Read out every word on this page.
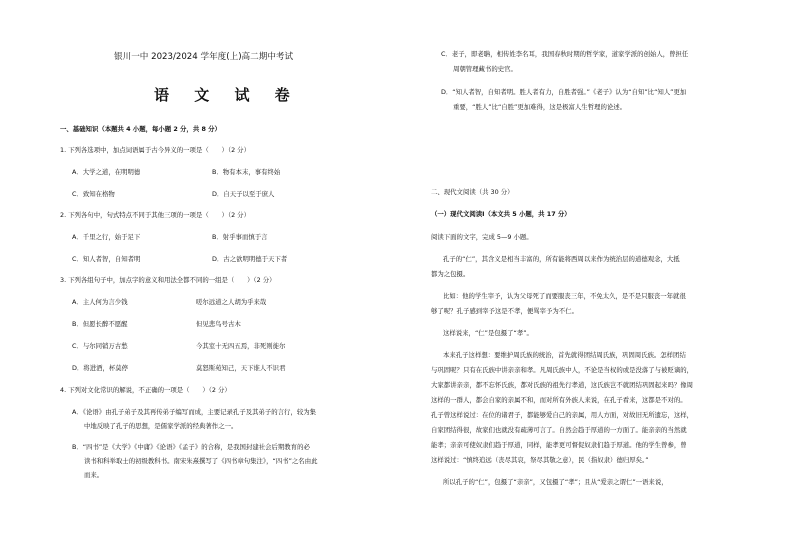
银川一中 2023/2024 学年度(上)高二期中考试
语 文 试 卷
一、基础知识（本题共 4 小题，每小题 2 分，共 8 分）
1. 下列各选项中，加点词语属于古今异义的一项是（　　）（2 分）
A．大学之道，在明明德	B．物有本末，事有终始
C．致知在格物	D．自天子以至于庶人
2. 下列各句中，句式特点不同于其他三项的一项是（　　）（2 分）
A．千里之行，始于足下	B．射乎事而慎于言
C．知人者智，自知者明	D．古之欲明明德于天下者
3. 下列各组句子中，加点字的意义和用法全都不同的一组是（　　）（2 分）
A．主人何为言少钱	嗟尔远道之人胡为乎来哉
B．但愿长醉不愿醒	但见悲鸟号古木
C．与尔同销万古愁	今其室十无四五焉，非死则徙尔
D．将进酒，杯莫停	莫怒斯苑知己，天下谁人不识君
4. 下列对文化常识的解说，不正确的一项是（　　）（2 分）
A．《论语》由孔子弟子及其再传弟子编写而成，主要记录孔子及其弟子的言行，较为集
中地反映了孔子的思想，是儒家学派的经典著作之一。
B．“四书”是《大学》《中庸》《论语》《孟子》的合称，是我国封建社会后期教育的必
读书和科举取士的初级教科书。南宋朱熹撰写了《四书章句集注》，“四书”之名由此
而来。
C．老子，即老聃，相传姓李名耳，我国春秋时期的哲学家，道家学派的创始人，曾担任
周朝管理藏书的史官。
D．“知人者智，自知者明。胜人者有力，自胜者强。”《老子》认为“自知”比“知人”更加
重要，“胜人”比“自胜”更加难得，这是极富人生哲理的论述。
二、现代文阅读（共 30 分）
（一）现代文阅读Ⅰ（本文共 5 小题，共 17 分）
阅读下面的文字，完成 5—9 小题。
孔子的“仁”，其含义是相当丰富的，所有能将西周以来作为统治层的道德观念，大抵
都为之包摄。
比如：他的学生宰予，认为父母死了而要服丧三年，不免太久，是不是只服丧一年就很
够了呢？孔子感到宰予这是不孝，便骂宰予为不仁。
这样说来，“仁”是包摄了“孝”。
本来孔子这样想：要维护周氏族的统治，首先就得团结周氏族，巩固周氏族。怎样团结
与巩固呢？只有在氏族中讲亲亲和孝。凡周氏族中人，不论是当权的或是没落了与被贬谪的，
大家都讲亲亲，都不忘怀氏族，都对氏族的祖先行孝道，这氏族岂不就团结巩固起来吗？像周
这样的一群人，都会自家的亲属不和，而对所有外族人来说，在孔子看来，这都是不对的。
孔子曾这样说过：在位的诸君子，都能够爱自己的亲属，用人方面，对故旧无所遗忘，这样，
自家团结得很，故家们也就没有疏薄可言了。自然会趋于厚道的一方面了。能亲亲的当然就
能孝；亲亲可使奴隶们趋于厚道，同样，能孝更可督促奴隶们趋于厚道。他的学生曾参，曾
这样说过：“慎终追远（丧尽其哀，祭尽其敬之意），民（指奴隶）德归厚矣。”
所以孔子的“仁”，包摄了“亲亲”，又包摄了“孝”；且从“爱亲之谓仁”一语来说，
